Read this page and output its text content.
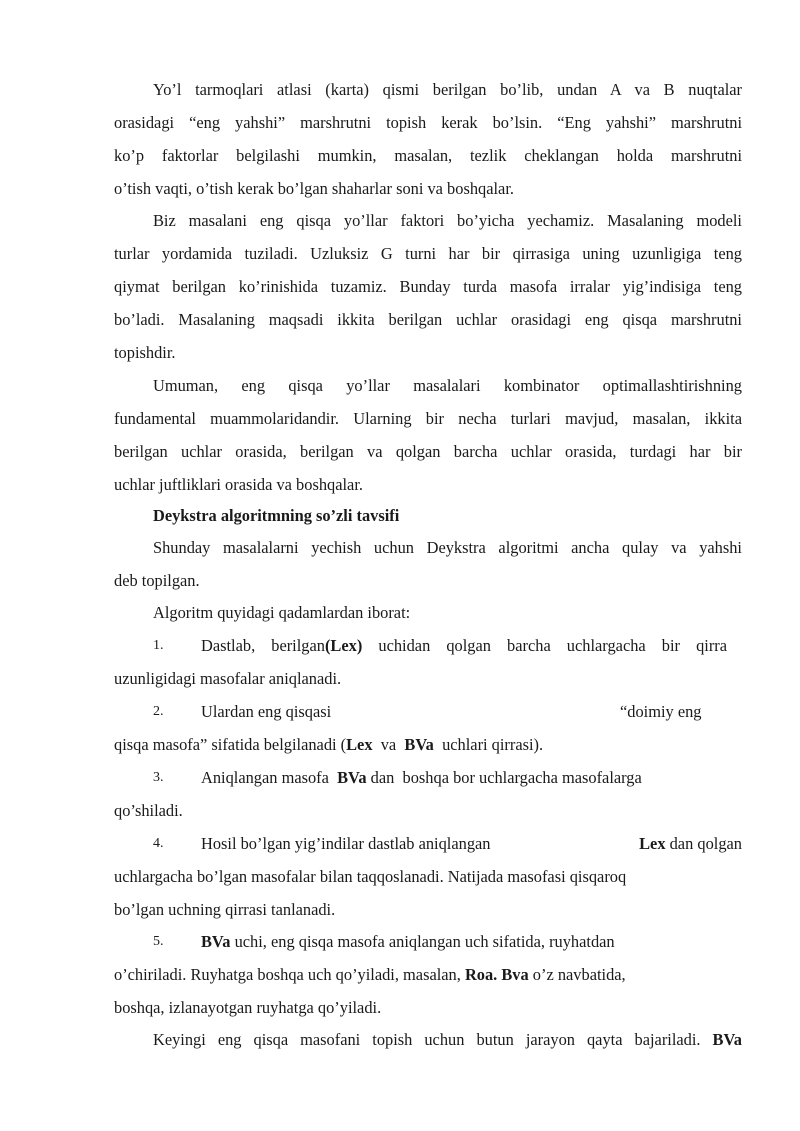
Yo’l tarmoqlari atlasi (karta) qismi berilgan bo’lib, undan A va B nuqtalar
orasidagi “eng yahshi” marshrutni topish kerak bo’lsin. “Eng yahshi” marshrutni
ko’p faktorlar belgilashi mumkin, masalan, tezlik cheklangan holda marshrutni
o’tish vaqti, o’tish kerak bo’lgan shaharlar soni va boshqalar.
Biz masalani eng qisqa yo’llar faktori bo’yicha yechamiz. Masalaning modeli
turlar yordamida tuziladi. Uzluksiz G turni har bir qirrasiga uning uzunligiga teng
qiymat berilgan ko’rinishida tuzamiz. Bunday turda masofa irralar yig’indisiga teng
bo’ladi. Masalaning maqsadi ikkita berilgan uchlar orasidagi eng qisqa marshrutni
topishdir.
Umuman, eng qisqa yo’llar masalalari kombinator optimallashtirishning
fundamental muammolaridandir. Ularning bir necha turlari mavjud, masalan, ikkita
berilgan uchlar orasida, berilgan va qolgan barcha uchlar orasida, turdagi har bir
uchlar juftliklari orasida va boshqalar.
Deykstra algoritmning so’zli tavsifi
Shunday masalalarni yechish uchun Deykstra algoritmi ancha qulay va yahshi
deb topilgan.
Algoritm quyidagi qadamlardan iborat:
1.	Dastlab, berilgan(Lex) uchidan qolgan barcha uchlargacha bir qirra
uzunligidagi masofalar aniqlanadi.
2.	Ulardan eng qisqasi	“doimiy eng
qisqa masofa” sifatida belgilanadi (Lex  va  BVa  uchlari qirrasi).
3.	Aniqlangan masofa  BVa dan  boshqa bor uchlargacha masofalarga
qo’shiladi.
4.	Hosil bo’lgan yig’indilar dastlab aniqlangan	Lex dan qolgan
uchlargacha bo’lgan masofalar bilan taqqoslanadi. Natijada masofasi qisqaroq
bo’lgan uchning qirrasi tanlanadi.
5.	BVa uchi, eng qisqa masofa aniqlangan uch sifatida, ruyhatdan
o’chiriladi. Ruyhatga boshqa uch qo’yiladi, masalan, Roa. Bva o’z navbatida,
boshqa, izlanayotgan ruyhatga qo’yiladi.
Keyingi eng qisqa masofani topish uchun butun jarayon qayta bajariladi. BVa
